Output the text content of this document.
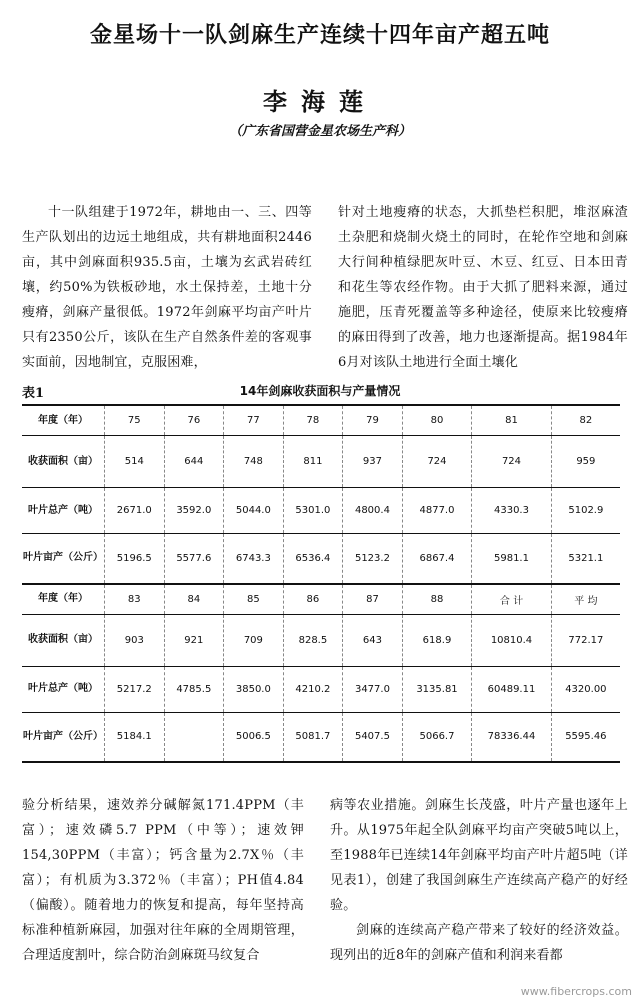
金星场十一队剑麻生产连续十四年亩产超五吨
李海莲
（广东省国营金星农场生产科）
十一队组建于1972年，耕地由一、三、四等生产队划出的边远土地组成，共有耕地面积2446亩，其中剑麻面积935.5亩，土壤为玄武岩砖红壤，约50%为铁板砂地，水土保持差，土地十分瘦瘠，剑麻产量很低。1972年剑麻平均亩产叶片只有2350公斤，该队在生产自然条件差的客观事实面前，因地制宜，克服困难，
针对土地瘦瘠的状态，大抓垫栏积肥，堆沤麻渣土杂肥和烧制火烧土的同时，在轮作空地和剑麻大行间种植绿肥灰叶豆、木豆、红豆、日本田青和花生等农经作物。由于大抓了肥料来源，通过施肥，压青死覆盖等多种途径，使原来比较瘦瘠的麻田得到了改善，地力也逐渐提高。据1984年6月对该队土地进行全面土壤化
表1	14年剑麻收获面积与产量情况
年度（年）	75	76	77	78	79	80	81	82
收获面积（亩）	514	644	748	811	937	724	724	959
叶片总产（吨）	2671.0	3592.0	5044.0	5301.0	4800.4	4877.0	4330.3	5102.9
叶片亩产（公斤）	5196.5	5577.6	6743.3	6536.4	5123.2	6867.4	5981.1	5321.1
年度（年）	83	84	85	86	87	88	合 计	平 均
收获面积（亩）	903	921	709	828.5	643	618.9	10810.4	772.17
叶片总产（吨）	5217.2	4785.5	3850.0	4210.2	3477.0	3135.81	60489.11	4320.00
叶片亩产（公斤）	5184.1		5006.5	5081.7	5407.5	5066.7	78336.44	5595.46
验分析结果，速效养分碱解氮171.4PPM（丰富）；速效磷5.7 PPM（中等）；速效钾154,30PPM（丰富）；钙含量为2.7X％（丰富）；有机质为3.372％（丰富）；PH值4.84（偏酸）。随着地力的恢复和提高，每年坚持高标准种植新麻园，加强对往年麻的全周期管理，合理适度割叶，综合防治剑麻斑马纹复合
病等农业措施。剑麻生长茂盛，叶片产量也逐年上升。从1975年起全队剑麻平均亩产突破5吨以上，至1988年已连续14年剑麻平均亩产叶片超5吨（详见表1），创建了我国剑麻生产连续高产稳产的好经验。
剑麻的连续高产稳产带来了较好的经济效益。现列出的近8年的剑麻产值和利润来看都
www.fibercrops.com
